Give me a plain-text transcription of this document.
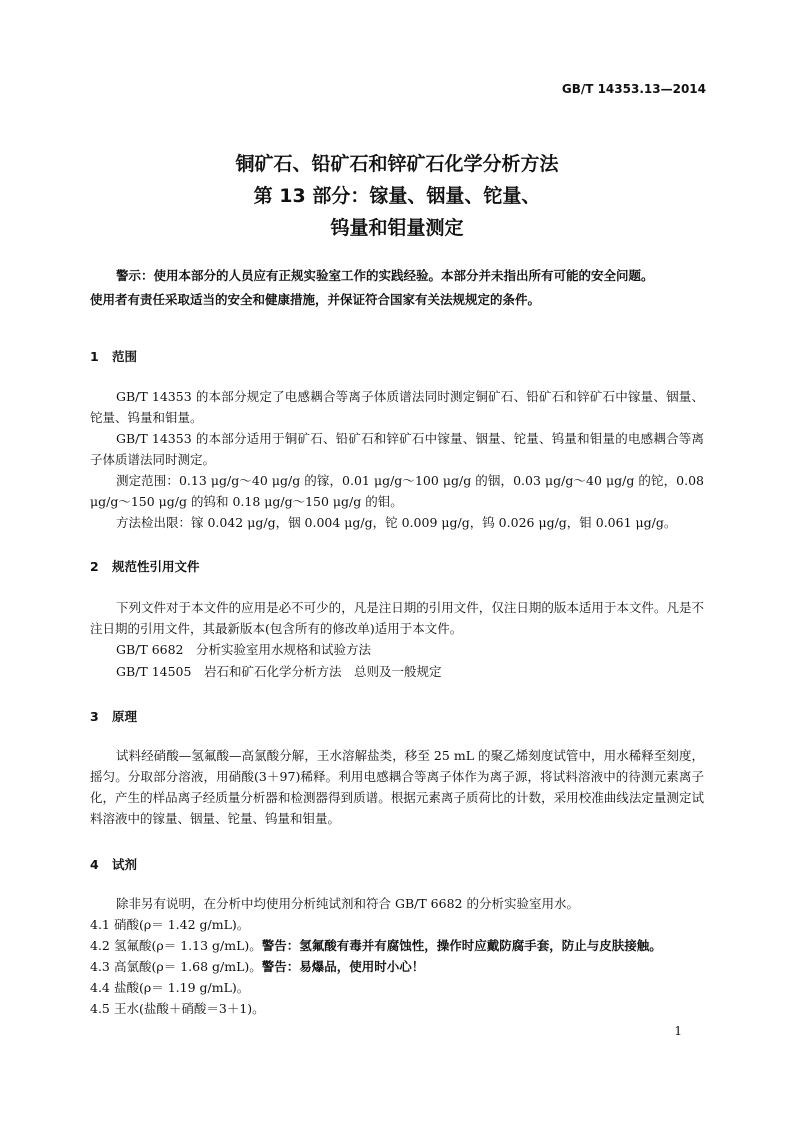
GB/T 14353.13—2014
铜矿石、铅矿石和锌矿石化学分析方法
第 13 部分：镓量、铟量、铊量、
钨量和钼量测定
警示：使用本部分的人员应有正规实验室工作的实践经验。本部分并未指出所有可能的安全问题。
使用者有责任采取适当的安全和健康措施，并保证符合国家有关法规规定的条件。
1 范围
GB/T 14353 的本部分规定了电感耦合等离子体质谱法同时测定铜矿石、铅矿石和锌矿石中镓量、铟量、铊量、钨量和钼量。
GB/T 14353 的本部分适用于铜矿石、铅矿石和锌矿石中镓量、铟量、铊量、钨量和钼量的电感耦合等离子体质谱法同时测定。
测定范围：0.13 μg/g～40 μg/g 的镓，0.01 μg/g～100 μg/g 的铟，0.03 μg/g～40 μg/g 的铊，0.08 μg/g～150 μg/g 的钨和 0.18 μg/g～150 μg/g 的钼。
方法检出限：镓 0.042 μg/g，铟 0.004 μg/g，铊 0.009 μg/g，钨 0.026 μg/g，钼 0.061 μg/g。
2 规范性引用文件
下列文件对于本文件的应用是必不可少的，凡是注日期的引用文件，仅注日期的版本适用于本文件。凡是不注日期的引用文件，其最新版本(包含所有的修改单)适用于本文件。
GB/T 6682　分析实验室用水规格和试验方法
GB/T 14505　岩石和矿石化学分析方法　总则及一般规定
3 原理
试料经硝酸—氢氟酸—高氯酸分解，王水溶解盐类，移至 25 mL 的聚乙烯刻度试管中，用水稀释至刻度，摇匀。分取部分溶液，用硝酸(3＋97)稀释。利用电感耦合等离子体作为离子源，将试料溶液中的待测元素离子化，产生的样品离子经质量分析器和检测器得到质谱。根据元素离子质荷比的计数，采用校准曲线法定量测定试料溶液中的镓量、铟量、铊量、钨量和钼量。
4 试剂
除非另有说明，在分析中均使用分析纯试剂和符合 GB/T 6682 的分析实验室用水。
4.1 硝酸(ρ＝ 1.42 g/mL)。
4.2 氢氟酸(ρ＝ 1.13 g/mL)。警告：氢氟酸有毒并有腐蚀性，操作时应戴防腐手套，防止与皮肤接触。
4.3 高氯酸(ρ＝ 1.68 g/mL)。警告：易爆品，使用时小心！
4.4 盐酸(ρ＝ 1.19 g/mL)。
4.5 王水(盐酸＋硝酸＝3＋1)。
1
